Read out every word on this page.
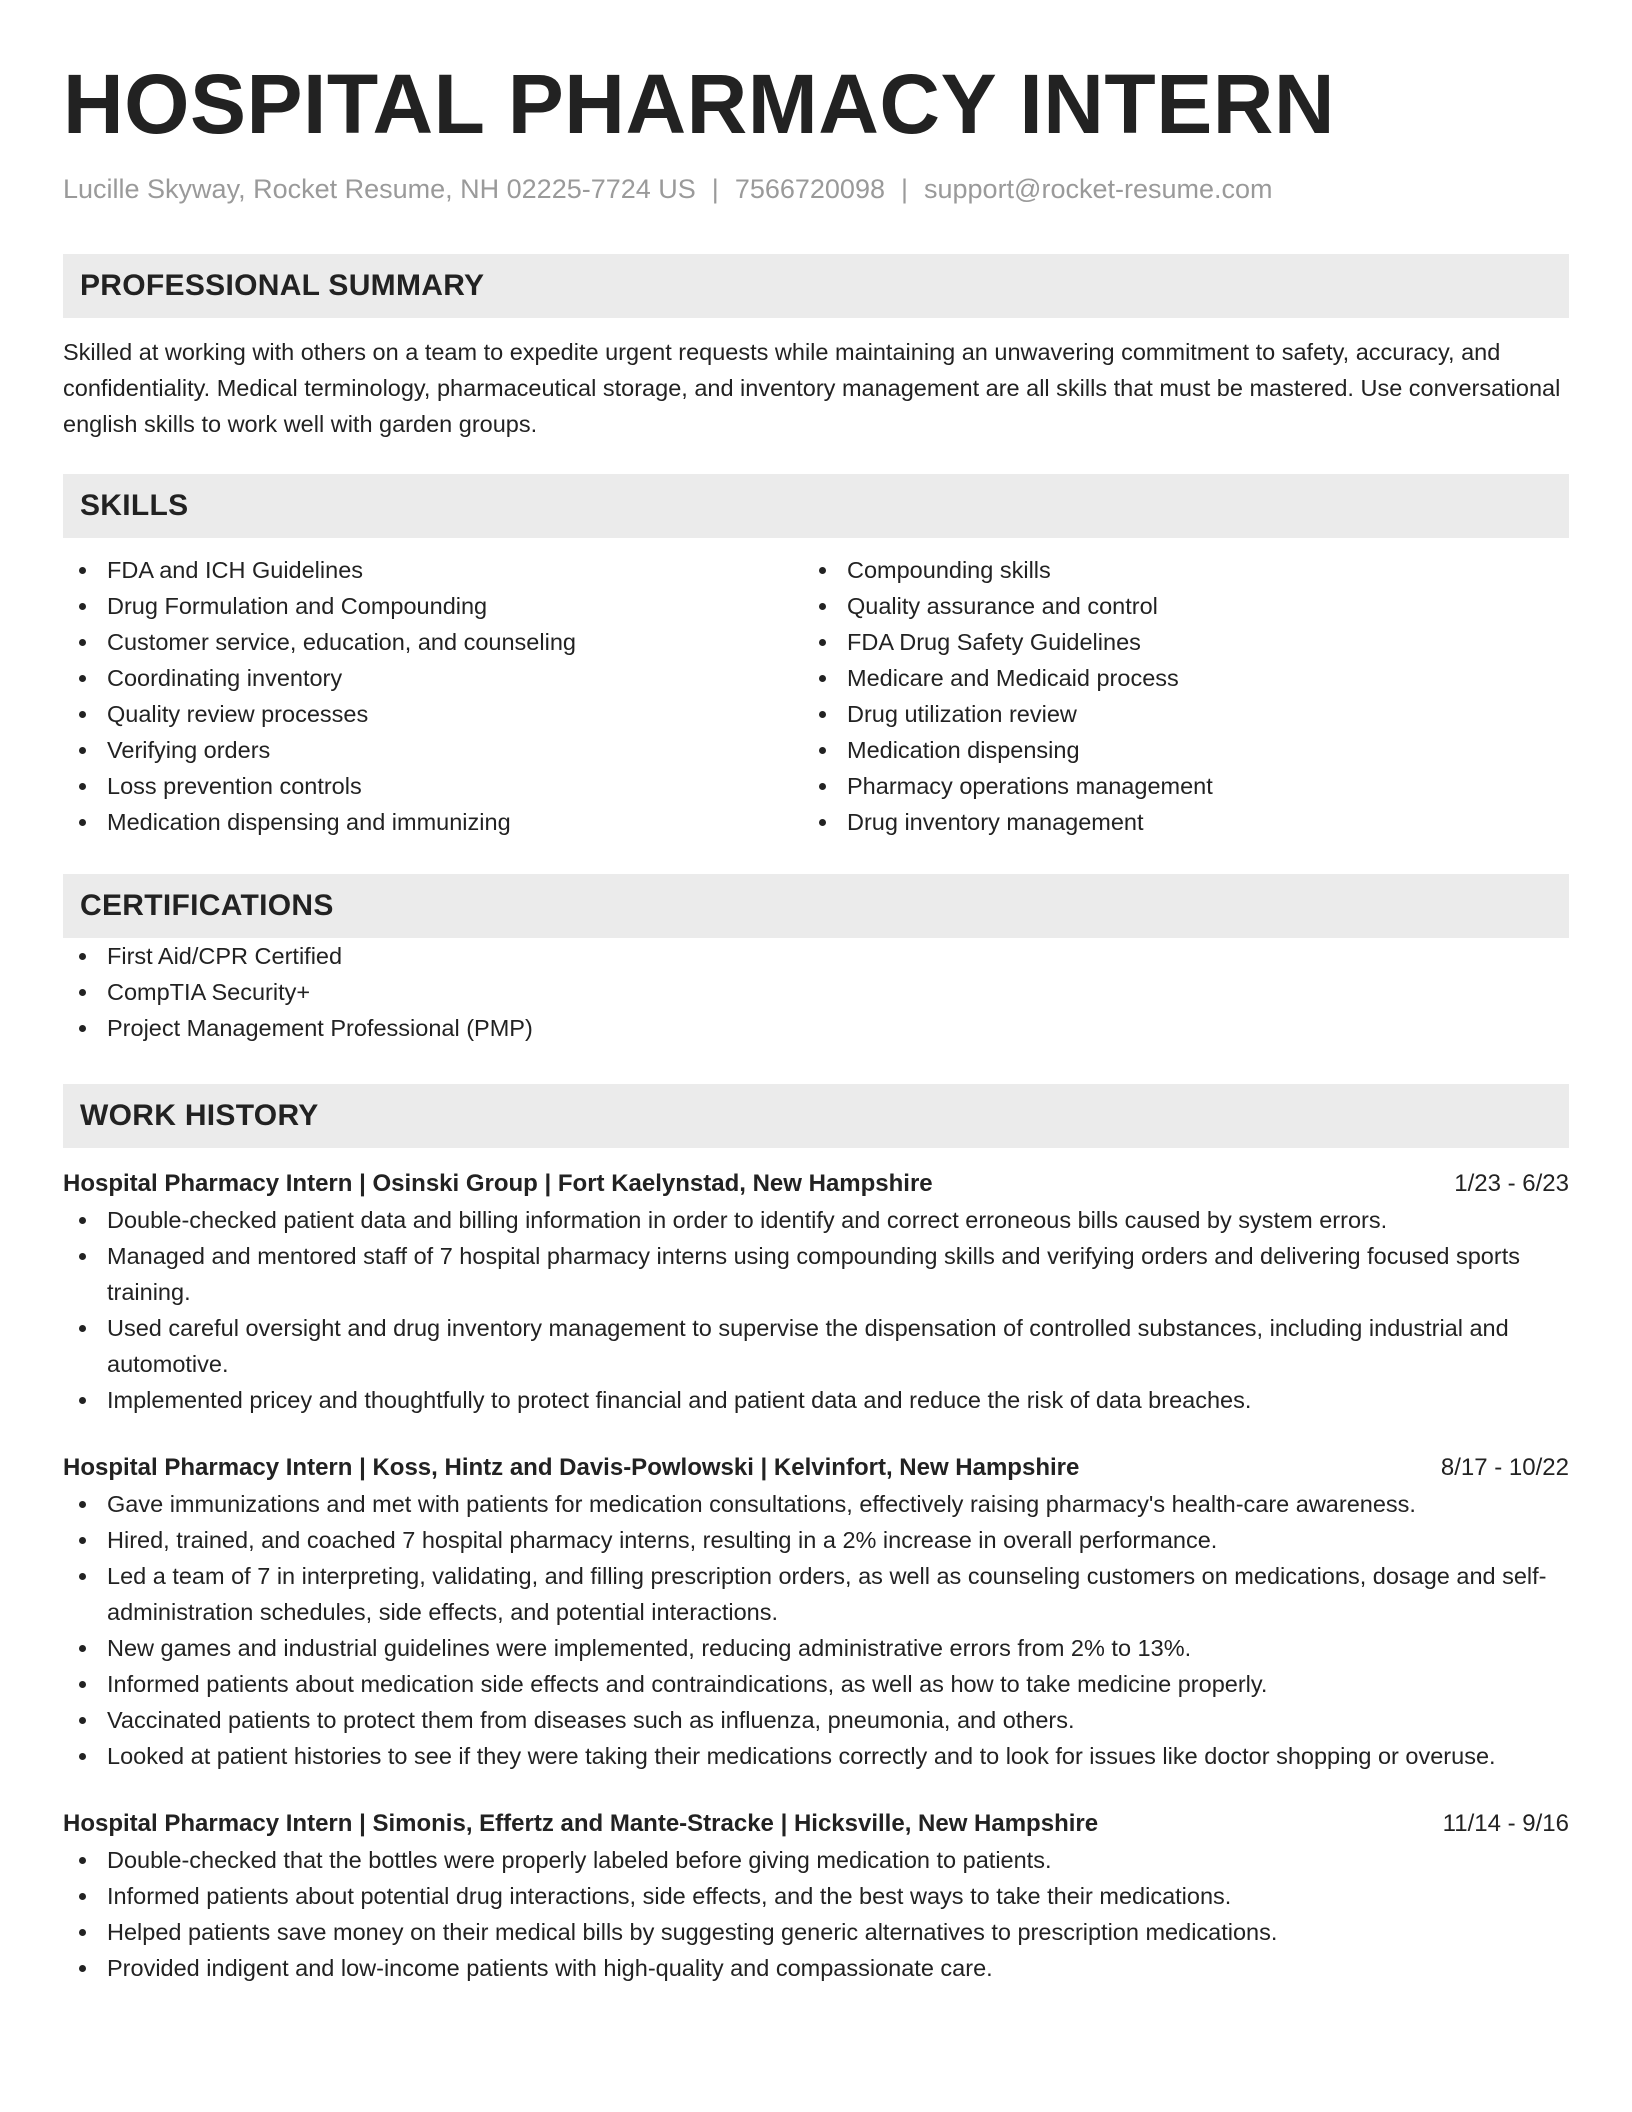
HOSPITAL PHARMACY INTERN
Lucille Skyway, Rocket Resume, NH 02225-7724 US | 7566720098 | support@rocket-resume.com
PROFESSIONAL SUMMARY

Skilled at working with others on a team to expedite urgent requests while maintaining an unwavering commitment to safety, accuracy, and confidentiality. Medical terminology, pharmaceutical storage, and inventory management are all skills that must be mastered. Use conversational english skills to work well with garden groups.

SKILLS
FDA and ICH Guidelines
Drug Formulation and Compounding
Customer service, education, and counseling
Coordinating inventory
Quality review processes
Verifying orders
Loss prevention controls
Medication dispensing and immunizing
Compounding skills
Quality assurance and control
FDA Drug Safety Guidelines
Medicare and Medicaid process
Drug utilization review
Medication dispensing
Pharmacy operations management
Drug inventory management
CERTIFICATIONS
First Aid/CPR Certified
CompTIA Security+
Project Management Professional (PMP)
WORK HISTORY
Hospital Pharmacy Intern | Osinski Group | Fort Kaelynstad, New Hampshire	1/23 - 6/23
Double-checked patient data and billing information in order to identify and correct erroneous bills caused by system errors.
Managed and mentored staff of 7 hospital pharmacy interns using compounding skills and verifying orders and delivering focused sports training.
Used careful oversight and drug inventory management to supervise the dispensation of controlled substances, including industrial and automotive.
Implemented pricey and thoughtfully to protect financial and patient data and reduce the risk of data breaches.
Hospital Pharmacy Intern | Koss, Hintz and Davis-Powlowski | Kelvinfort, New Hampshire	8/17 - 10/22
Gave immunizations and met with patients for medication consultations, effectively raising pharmacy's health-care awareness.
Hired, trained, and coached 7 hospital pharmacy interns, resulting in a 2% increase in overall performance.
Led a team of 7 in interpreting, validating, and filling prescription orders, as well as counseling customers on medications, dosage and self-administration schedules, side effects, and potential interactions.
New games and industrial guidelines were implemented, reducing administrative errors from 2% to 13%.
Informed patients about medication side effects and contraindications, as well as how to take medicine properly.
Vaccinated patients to protect them from diseases such as influenza, pneumonia, and others.
Looked at patient histories to see if they were taking their medications correctly and to look for issues like doctor shopping or overuse.
Hospital Pharmacy Intern | Simonis, Effertz and Mante-Stracke | Hicksville, New Hampshire	11/14 - 9/16
Double-checked that the bottles were properly labeled before giving medication to patients.
Informed patients about potential drug interactions, side effects, and the best ways to take their medications.
Helped patients save money on their medical bills by suggesting generic alternatives to prescription medications.
Provided indigent and low-income patients with high-quality and compassionate care.
